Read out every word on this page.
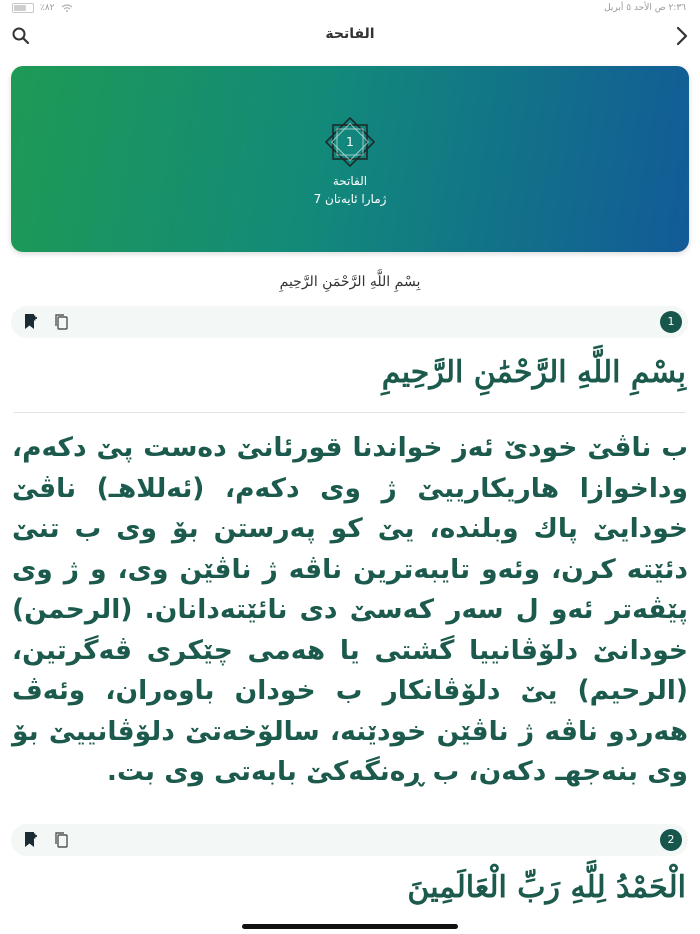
٪٨٢	٢:٣٦ ص الأحد ٥ أبريل
الفاتحة
1
الفاتحة
ژمارا ئایەتان 7
بِسْمِ اللَّهِ الرَّحْمَنِ الرَّحِيمِ
1
بِسْمِ اللَّهِ الرَّحْمَٰنِ الرَّحِيمِ
ب ناڤێ خودێ ئەز خواندنا قورئانێ دەست پێ دكەم، وداخوازا هاریكارییێ ژ وی دكەم، (ئەللاهـ) ناڤێ خودایێ پاك وبلندە، یێ كو پەرستن بۆ وی ب تنێ دئێتە كرن، وئەو تایبەترین ناڤە ژ ناڤێن وی، و ژ وی پێڤەتر ئەو ل سەر كەسێ دی نائێتەدانان. (الرحمن) خودانێ دلۆڤانییا گشتی یا هەمی چێكری ڤەگرتین، (الرحیم) یێ دلۆڤانكار ب خودان باوەران، وئەڤ هەردو ناڤە ژ ناڤێن خودێنە، سالۆخەتێ دلۆڤانییێ بۆ وی بنەجهـ دكەن، ب ڕەنگەكێ بابەتی وی بت.
2
الْحَمْدُ لِلَّهِ رَبِّ الْعَالَمِينَ
